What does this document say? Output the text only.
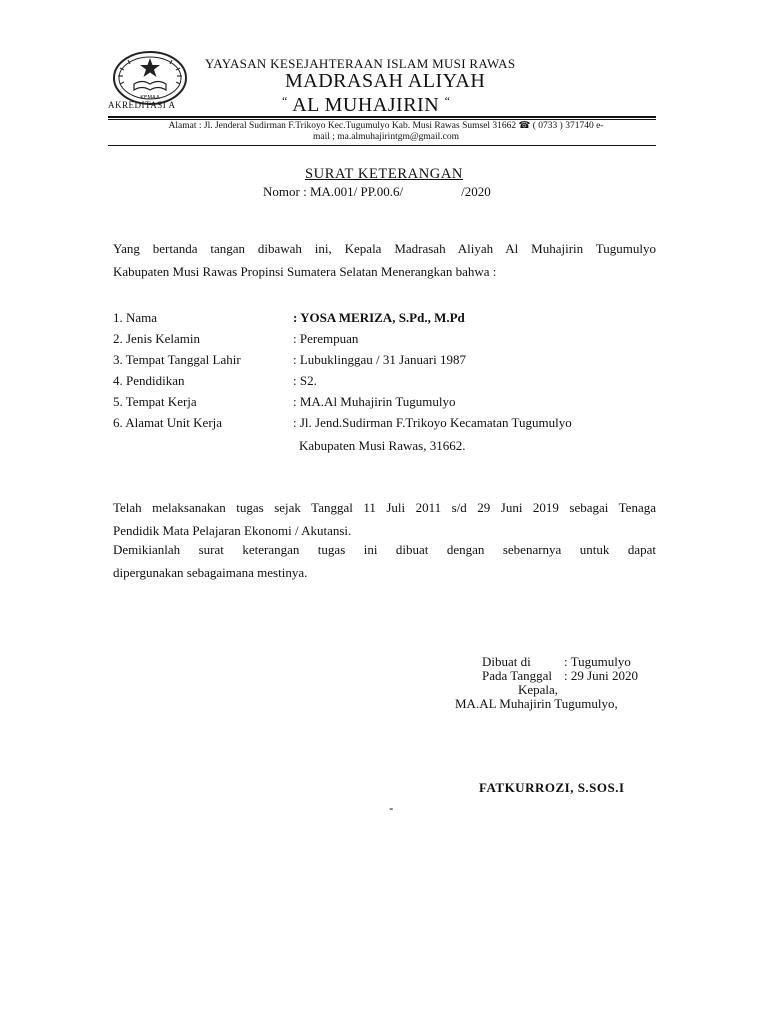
KEMAA
AKREDITASI A
YAYASAN KESEJAHTERAAN ISLAM MUSI RAWAS
MADRASAH ALIYAH
“ AL MUHAJIRIN “
Alamat : Jl. Jenderal Sudirman F.Trikoyo Kec.Tugumulyo Kab. Musi Rawas Sumsel 31662 ☎ ( 0733 ) 371740 e-
mail ; ma.almuhajirintgm@gmail.com
SURAT KETERANGAN
Nomor : MA.001/ PP.00.6/	/2020
Yang bertanda tangan dibawah ini, Kepala Madrasah Aliyah Al Muhajirin Tugumulyo
Kabupaten Musi Rawas Propinsi Sumatera Selatan Menerangkan bahwa :
1. Nama	: YOSA MERIZA, S.Pd., M.Pd
2. Jenis Kelamin	: Perempuan
3. Tempat Tanggal Lahir	: Lubuklinggau / 31 Januari 1987
4. Pendidikan	: S2.
5. Tempat Kerja	: MA.Al Muhajirin Tugumulyo
6. Alamat Unit Kerja	: Jl. Jend.Sudirman F.Trikoyo Kecamatan Tugumulyo
Kabupaten Musi Rawas, 31662.
Telah melaksanakan tugas sejak Tanggal 11 Juli 2011 s/d 29 Juni 2019 sebagai Tenaga
Pendidik Mata Pelajaran Ekonomi / Akutansi.
Demikianlah surat keterangan tugas ini dibuat dengan sebenarnya untuk dapat
dipergunakan sebagaimana mestinya.
Dibuat di	: Tugumulyo
Pada Tanggal : 29 Juni 2020
Kepala,
MA.AL Muhajirin Tugumulyo,
FATKURROZI, S.SOS.I
-
